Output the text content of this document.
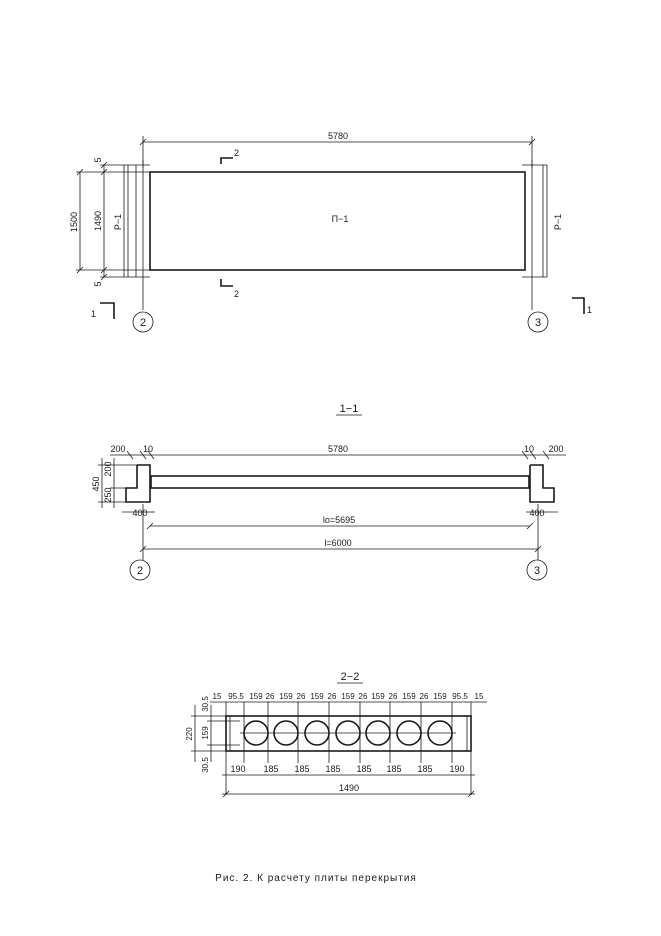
5780
Р−1	Р−1
П−1
1500 1490
5
5
2
2
1	1
2	3
1−1
200 10	5780	10 200
450
200
250
400	400
lo=5695
l=6000
2	3
2−2
15 95.5 159 26 159 26 159 26 159 26 159 26 159 26 159 95.5 15
220 159
30.5
30.5 190 185 185 185 185 185 185 190
1490
Рис. 2. К расчету плиты перекрытия
